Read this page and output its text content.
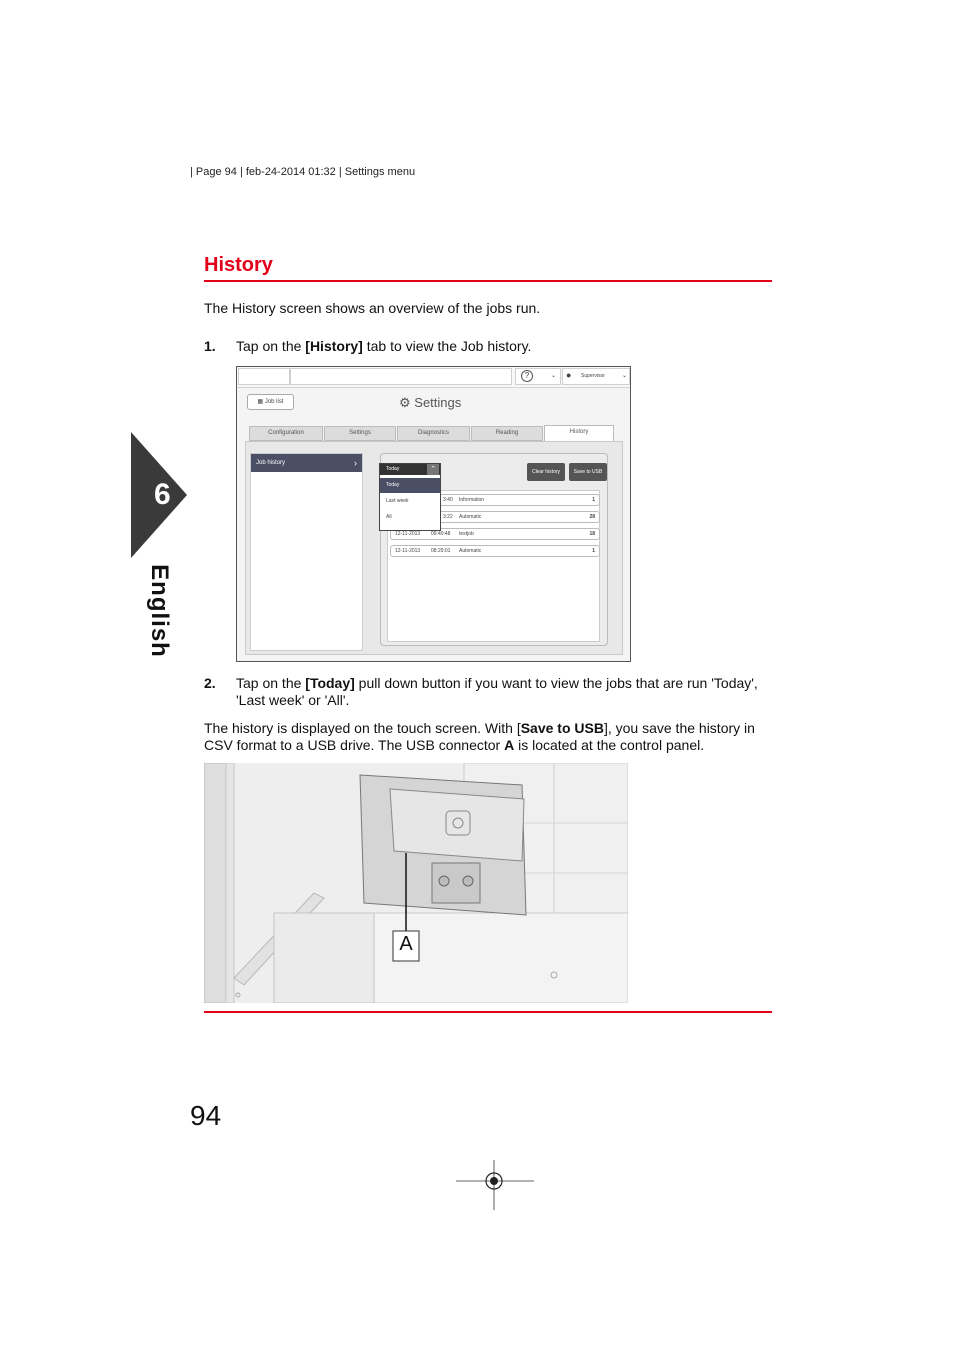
| Page 94 | feb-24-2014 01:32 | Settings menu
History
The History screen shows an overview of the jobs run.
1. Tap on the [History] tab to view the Job history.
6
English
?	⌄ ● Supervisor	⌄
▦ Job list	⚙ Settings
Configuration	Settings	Diagnostics	Reading	History
Job history	›
Clear history	Save to USB
3:40 Information	1
3:22 Automatic	28
12-11-2013 09:40:48 testjob	18
12-11-2013 08:29:01 Automatic	1
Today	⌃
Today
Last week
All
2. Tap on the [Today] pull down button if you want to view the jobs that are run 'Today', 'Last week' or 'All'.
The history is displayed on the touch screen. With [Save to USB], you save the history in CSV format to a USB drive. The USB connector A is located at the control panel.
A
94
